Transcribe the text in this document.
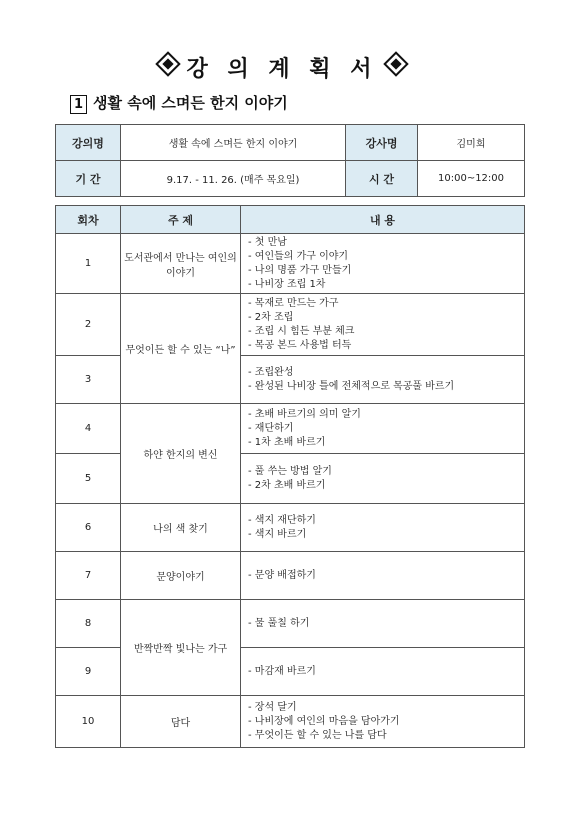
강 의 계 획 서
1 생활 속에 스며든 한지 이야기
강의명	생활 속에 스며든 한지 이야기		강사명	김미희
기 간	9.17. - 11. 26. (매주 목요일)		시 간	10:00~12:00

회차	주 제	내 용		
1	도서관에서 만나는 여인의 이야기	- 첫 만남
- 여인들의 가구 이야기
- 나의 명품 가구 만들기
- 나비장 조립 1차		

2	무엇이든 할 수 있는 “나”	- 목재로 만드는 가구
- 2차 조립
- 조립 시 힘든 부분 체크
- 목공 본드 사용법 터득		

3		- 조립완성
- 완성된 나비장 틀에 전체적으로 목공풀 바르기		

4	하얀 한지의 변신	- 초배 바르기의 의미 알기
- 재단하기
- 1차 초배 바르기		

5		- 풀 쑤는 방법 알기
- 2차 초배 바르기		

6	나의 색 찾기	- 색지 재단하기
- 색지 바르기		

7	문양이야기	- 문양 배접하기		

8	반짝반짝 빛나는 가구	- 물 풀칠 하기		

9		- 마감재 바르기		

10	담다	- 장석 달기
- 나비장에 여인의 마음을 담아가기
- 무엇이든 할 수 있는 나를 담다		
